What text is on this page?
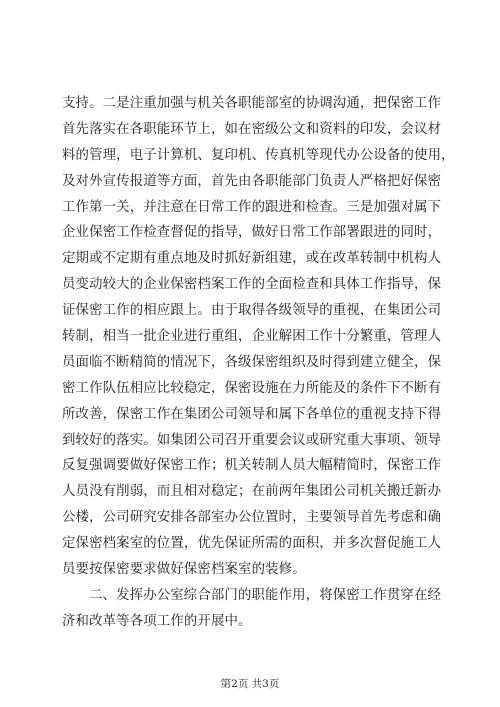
支持。二是注重加强与机关各职能部室的协调沟通，把保密工作
首先落实在各职能环节上，如在密级公文和资料的印发，会议材
料的管理，电子计算机、复印机、传真机等现代办公设备的使用，
及对外宣传报道等方面，首先由各职能部门负责人严格把好保密
工作第一关，并注意在日常工作的跟进和检查。三是加强对属下
企业保密工作检查督促的指导，做好日常工作部署跟进的同时，
定期或不定期有重点地及时抓好新组建，或在改革转制中机构人
员变动较大的企业保密档案工作的全面检查和具体工作指导，保
证保密工作的相应跟上。由于取得各级领导的重视，在集团公司
转制，相当一批企业进行重组，企业解困工作十分繁重，管理人
员面临不断精简的情况下，各级保密组织及时得到建立健全，保
密工作队伍相应比较稳定，保密设施在力所能及的条件下不断有
所改善，保密工作在集团公司领导和属下各单位的重视支持下得
到较好的落实。如集团公司召开重要会议或研究重大事项、领导
反复强调要做好保密工作；机关转制人员大幅精简时，保密工作
人员没有削弱，而且相对稳定；在前两年集团公司机关搬迁新办
公楼，公司研究安排各部室办公位置时，主要领导首先考虑和确
定保密档案室的位置，优先保证所需的面积，并多次督促施工人
员要按保密要求做好保密档案室的装修。
二、发挥办公室综合部门的职能作用，将保密工作贯穿在经
济和改革等各项工作的开展中。
第2页 共3页
